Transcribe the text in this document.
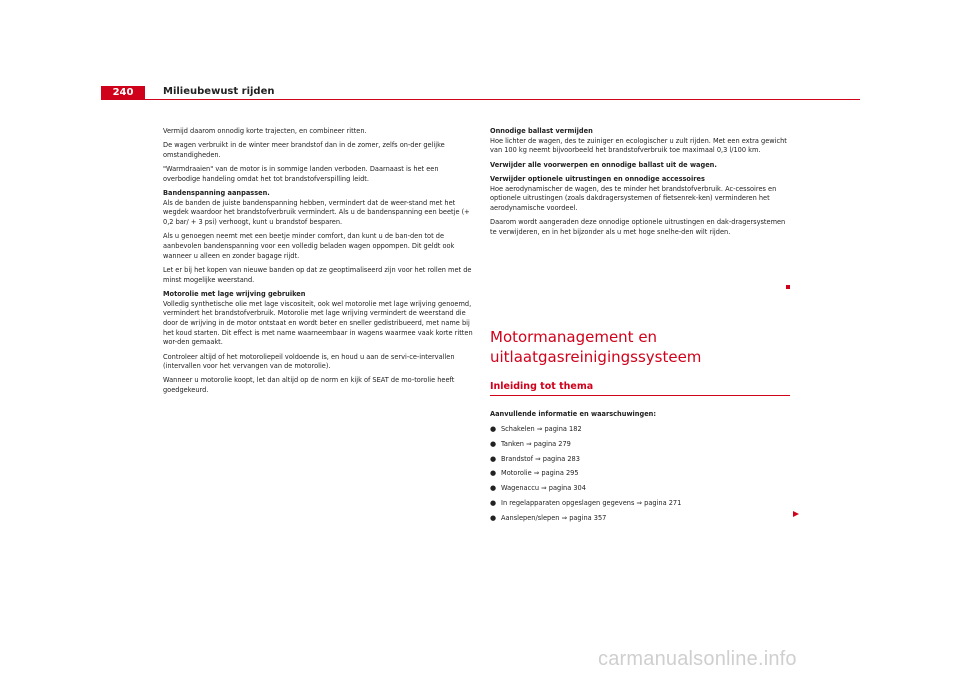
240	Milieubewust rijden

Vermijd daarom onnodig korte trajecten, en combineer ritten.

De wagen verbruikt in de winter meer brandstof dan in de zomer, zelfs on-der gelijke omstandigheden.

"Warmdraaien" van de motor is in sommige landen verboden. Daarnaast is het een overbodige handeling omdat het tot brandstofverspilling leidt.

Bandenspanning aanpassen.

Als de banden de juiste bandenspanning hebben, vermindert dat de weer-stand met het wegdek waardoor het brandstofverbruik vermindert. Als u de bandenspanning een beetje (+ 0,2 bar/ + 3 psi) verhoogt, kunt u brandstof besparen.

Als u genoegen neemt met een beetje minder comfort, dan kunt u de ban-den tot de aanbevolen bandenspanning voor een volledig beladen wagen oppompen. Dit geldt ook wanneer u alleen en zonder bagage rijdt.

Let er bij het kopen van nieuwe banden op dat ze geoptimaliseerd zijn voor het rollen met de minst mogelijke weerstand.

Motorolie met lage wrijving gebruiken

Volledig synthetische olie met lage viscositeit, ook wel motorolie met lage wrijving genoemd, vermindert het brandstofverbruik. Motorolie met lage wrijving vermindert de weerstand die door de wrijving in de motor ontstaat en wordt beter en sneller gedistribueerd, met name bij het koud starten. Dit effect is met name waarneembaar in wagens waarmee vaak korte ritten wor-den gemaakt.

Controleer altijd of het motoroliepeil voldoende is, en houd u aan de servi-ce-intervallen (intervallen voor het vervangen van de motorolie).

Wanneer u motorolie koopt, let dan altijd op de norm en kijk of SEAT de mo-torolie heeft goedgekeurd.

Onnodige ballast vermijden

Hoe lichter de wagen, des te zuiniger en ecologischer u zult rijden. Met een extra gewicht van 100 kg neemt bijvoorbeeld het brandstofverbruik toe maximaal 0,3 l/100 km.

Verwijder alle voorwerpen en onnodige ballast uit de wagen.

Verwijder optionele uitrustingen en onnodige accessoires

Hoe aerodynamischer de wagen, des te minder het brandstofverbruik. Ac-cessoires en optionele uitrustingen (zoals dakdragersystemen of fietsenrek-ken) verminderen het aerodynamische voordeel.

Daarom wordt aangeraden deze onnodige optionele uitrustingen en dak-dragersystemen te verwijderen, en in het bijzonder als u met hoge snelhe-den wilt rijden.

Motormanagement en
uitlaatgasreinigingssysteem
Inleiding tot thema
Aanvullende informatie en waarschuwingen:
● Schakelen ⇒ pagina 182
● Tanken ⇒ pagina 279
● Brandstof ⇒ pagina 283
● Motorolie ⇒ pagina 295
● Wagenaccu ⇒ pagina 304
● In regelapparaten opgeslagen gegevens ⇒ pagina 271
● Aanslepen/slepen ⇒ pagina 357
carmanualsonline.info
